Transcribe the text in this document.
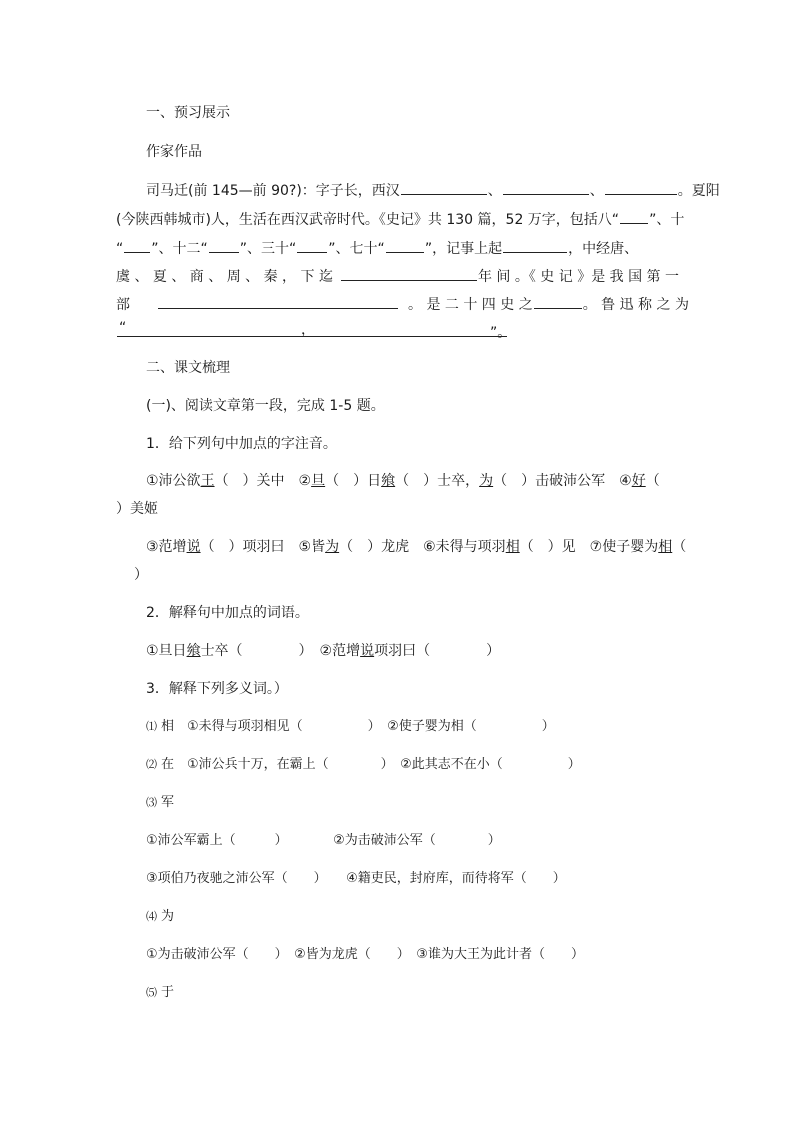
一、预习展示
作家作品
司马迁(前 145—前 90?)：字子长，西汉	、	、	。夏阳
(今陕西韩城市)人，生活在西汉武帝时代。《史记》共 130 篇，52 万字，包括八“ ”、十
“ ”、十二“ ”、三十“ ”、七十“	”，记事上起	，中经唐、
虞 、 夏 、 商 、 周 、 秦 ， 下 迄	年 间 。《 史 记 》是 我 国 第 一
部	。 是 二 十 四 史 之	。 鲁 迅 称 之 为
“	，	”。
二、课文梳理
(一)、阅读文章第一段，完成 1-5 题。
1．给下列句中加点的字注音。
①沛公欲王（　）关中　②旦（　）日飨（　）士卒，为（　）击破沛公军　④好（
）美姬
③范增说（　）项羽曰　⑤皆为（　）龙虎　⑥未得与项羽相（　）见　⑦使子婴为相（
）
2．解释句中加点的词语。
①旦日飨士卒（　　　　）　②范增说项羽曰（　　　　）
3．解释下列多义词。）
⑴ 相　①未得与项羽相见（　　　　　）　②使子婴为相（　　　　　）
⑵ 在　①沛公兵十万，在霸上（　　　　）　②此其志不在小（　　　　　）
⑶ 军
①沛公军霸上（　　　）　　　　②为击破沛公军（　　　　）
③项伯乃夜驰之沛公军（　　）　　④籍吏民，封府库，而待将军（　　）
⑷ 为
①为击破沛公军（　　）　②皆为龙虎（　　）　③谁为大王为此计者（　　）
⑸ 于
